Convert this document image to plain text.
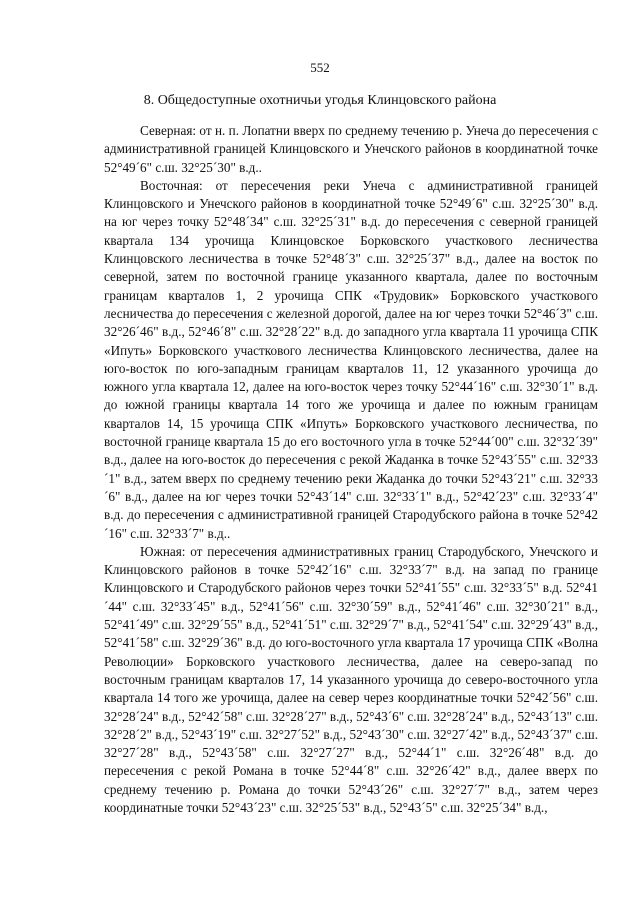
552
8. Общедоступные охотничьи угодья Клинцовского района

Северная: от н. п. Лопатни вверх по среднему течению р. Унеча до пересечения с административной границей Клинцовского и Унечского районов в координатной точке 52°49´6" с.ш. 32°25´30" в.д..

Восточная: от пересечения реки Унеча с административной границей Клинцовского и Унечского районов в координатной точке 52°49´6" с.ш. 32°25´30" в.д. на юг через точку 52°48´34" с.ш. 32°25´31" в.д. до пересечения с северной границей квартала 134 урочища Клинцовское Борковского участкового лесничества Клинцовского лесничества в точке 52°48´3" с.ш. 32°25´37" в.д., далее на восток по северной, затем по восточной границе указанного квартала, далее по восточным границам кварталов 1, 2 урочища СПК «Трудовик» Борковского участкового лесничества до пересечения с железной дорогой, далее на юг через точки 52°46´3" с.ш. 32°26´46" в.д., 52°46´8" с.ш. 32°28´22" в.д. до западного угла квартала 11 урочища СПК «Ипуть» Борковского участкового лесничества Клинцовского лесничества, далее на юго-восток по юго-западным границам кварталов 11, 12 указанного урочища до южного угла квартала 12, далее на юго-восток через точку 52°44´16" с.ш. 32°30´1" в.д. до южной границы квартала 14 того же урочища и далее по южным границам кварталов 14, 15 урочища СПК «Ипуть» Борковского участкового лесничества, по восточной границе квартала 15 до его восточного угла в точке 52°44´00" с.ш. 32°32´39" в.д., далее на юго-восток до пересечения с рекой Жаданка в точке 52°43´55" с.ш. 32°33´1" в.д., затем вверх по среднему течению реки Жаданка до точки 52°43´21" с.ш. 32°33´6" в.д., далее на юг через точки 52°43´14" с.ш. 32°33´1" в.д., 52°42´23" с.ш. 32°33´4" в.д. до пересечения с административной границей Стародубского района в точке 52°42´16" с.ш. 32°33´7" в.д..

Южная: от пересечения административных границ Стародубского, Унечского и Клинцовского районов в точке 52°42´16" с.ш. 32°33´7" в.д. на запад по границе Клинцовского и Стародубского районов через точки 52°41´55" с.ш. 32°33´5" в.д. 52°41´44" с.ш. 32°33´45" в.д., 52°41´56" с.ш. 32°30´59" в.д., 52°41´46" с.ш. 32°30´21" в.д., 52°41´49" с.ш. 32°29´55" в.д., 52°41´51" с.ш. 32°29´7" в.д., 52°41´54" с.ш. 32°29´43" в.д., 52°41´58" с.ш. 32°29´36" в.д. до юго-восточного угла квартала 17 урочища СПК «Волна Революции» Борковского участкового лесничества, далее на северо-запад по восточным границам кварталов 17, 14 указанного урочища до северо-восточного угла квартала 14 того же урочища, далее на север через координатные точки 52°42´56" с.ш. 32°28´24" в.д., 52°42´58" с.ш. 32°28´27" в.д., 52°43´6" с.ш. 32°28´24" в.д., 52°43´13" с.ш. 32°28´2" в.д., 52°43´19" с.ш. 32°27´52" в.д., 52°43´30" с.ш. 32°27´42" в.д., 52°43´37" с.ш. 32°27´28" в.д., 52°43´58" с.ш. 32°27´27" в.д., 52°44´1" с.ш. 32°26´48" в.д. до пересечения с рекой Романа в точке 52°44´8" с.ш. 32°26´42" в.д., далее вверх по среднему течению р. Романа до точки 52°43´26" с.ш. 32°27´7" в.д., затем через координатные точки 52°43´23" с.ш. 32°25´53" в.д., 52°43´5" с.ш. 32°25´34" в.д.,
